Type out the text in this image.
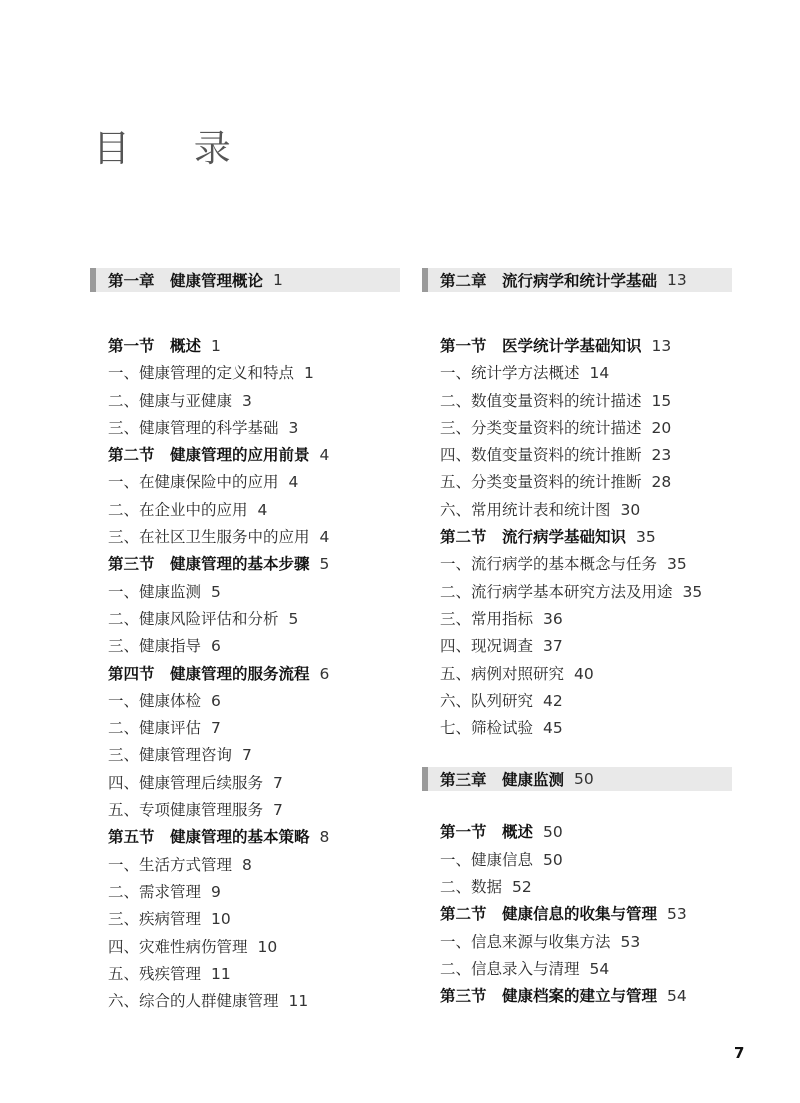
目 录
第一章　健康管理概论 1
第一节　概述 1
一、健康管理的定义和特点 1
二、健康与亚健康 3
三、健康管理的科学基础 3
第二节　健康管理的应用前景 4
一、在健康保险中的应用 4
二、在企业中的应用 4
三、在社区卫生服务中的应用 4
第三节　健康管理的基本步骤 5
一、健康监测 5
二、健康风险评估和分析 5
三、健康指导 6
第四节　健康管理的服务流程 6
一、健康体检 6
二、健康评估 7
三、健康管理咨询 7
四、健康管理后续服务 7
五、专项健康管理服务 7
第五节　健康管理的基本策略 8
一、生活方式管理 8
二、需求管理 9
三、疾病管理 10
四、灾难性病伤管理 10
五、残疾管理 11
六、综合的人群健康管理 11
第二章　流行病学和统计学基础 13
第一节　医学统计学基础知识 13
一、统计学方法概述 14
二、数值变量资料的统计描述 15
三、分类变量资料的统计描述 20
四、数值变量资料的统计推断 23
五、分类变量资料的统计推断 28
六、常用统计表和统计图 30
第二节　流行病学基础知识 35
一、流行病学的基本概念与任务 35
二、流行病学基本研究方法及用途 35
三、常用指标 36
四、现况调查 37
五、病例对照研究 40
六、队列研究 42
七、筛检试验 45
第三章　健康监测 50
第一节　概述 50
一、健康信息 50
二、数据 52
第二节　健康信息的收集与管理 53
一、信息来源与收集方法 53
二、信息录入与清理 54
第三节　健康档案的建立与管理 54
7
